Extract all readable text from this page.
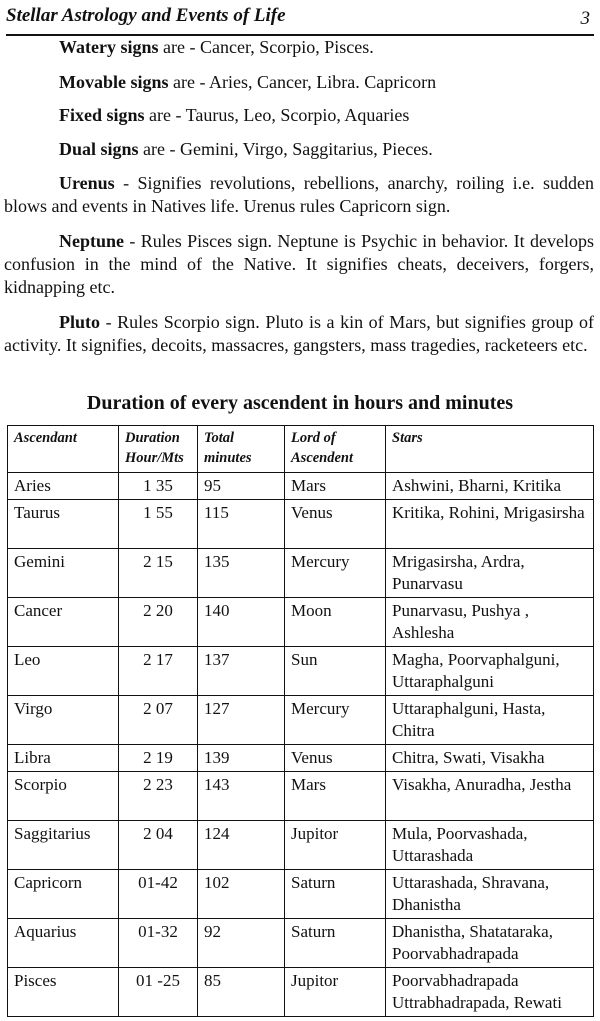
Stellar Astrology and Events of Life	3
Watery signs are - Cancer, Scorpio, Pisces.
Movable signs are - Aries, Cancer, Libra. Capricorn
Fixed signs are - Taurus, Leo, Scorpio, Aquaries
Dual signs are - Gemini, Virgo, Saggitarius, Pieces.
Urenus - Signifies revolutions, rebellions, anarchy, roiling i.e. sudden blows and events in Natives life. Urenus rules Capricorn sign.
Neptune - Rules Pisces sign. Neptune is Psychic in behavior. It develops confusion in the mind of the Native. It signifies cheats, deceivers, forgers, kidnapping etc.
Pluto - Rules Scorpio sign. Pluto is a kin of Mars, but signifies group of activity. It signifies, decoits, massacres, gangsters, mass tragedies, racketeers etc.
Duration of every ascendent in hours and minutes
Ascendant	Duration Hour/Mts	Total minutes	Lord of Ascendent	Stars
Aries	1 35	95	Mars	Ashwini, Bharni, Kritika
Taurus	1 55	115	Venus	Kritika, Rohini, Mrigasirsha
Gemini	2 15	135	Mercury	Mrigasirsha, Ardra, Punarvasu
Cancer	2 20	140	Moon	Punarvasu, Pushya , Ashlesha
Leo	2 17	137	Sun	Magha, Poorvaphalguni, Uttaraphalguni
Virgo	2 07	127	Mercury	Uttaraphalguni, Hasta, Chitra
Libra	2 19	139	Venus	Chitra, Swati, Visakha
Scorpio	2 23	143	Mars	Visakha, Anuradha, Jestha
Saggitarius	2 04	124	Jupitor	Mula, Poorvashada, Uttarashada
Capricorn	01-42	102	Saturn	Uttarashada, Shravana, Dhanistha
Aquarius	01-32	92	Saturn	Dhanistha, Shatataraka, Poorvabhadrapada
Pisces	01 -25	85	Jupitor	Poorvabhadrapada Uttrabhadrapada, Rewati
